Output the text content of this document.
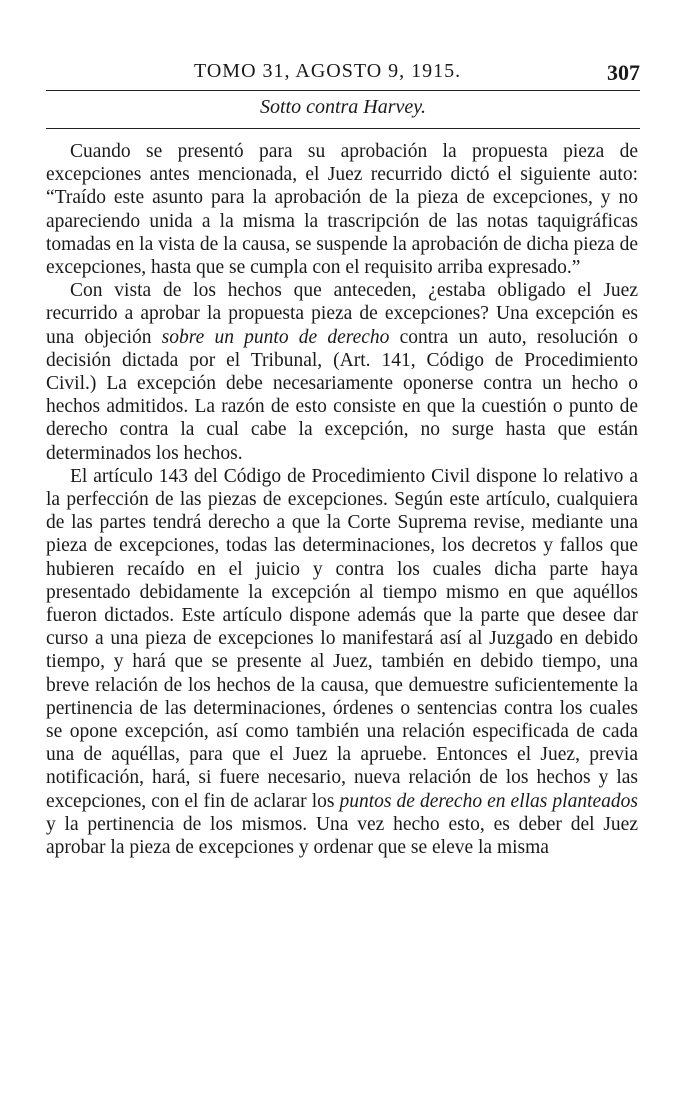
TOMO 31, AGOSTO 9, 1915.	307
Sotto contra Harvey.

Cuando se presentó para su aprobación la propuesta pieza de excepciones antes mencionada, el Juez recurrido dictó el siguiente auto: “Traído este asunto para la aprobación de la pieza de excepciones, y no apareciendo unida a la misma la trascripción de las notas taquigráficas tomadas en la vista de la causa, se suspende la aprobación de dicha pieza de excepciones, hasta que se cumpla con el requisito arriba expresado.”

Con vista de los hechos que anteceden, ¿estaba obligado el Juez recurrido a aprobar la propuesta pieza de excepciones? Una excepción es una objeción sobre un punto de derecho contra un auto, resolución o decisión dictada por el Tribunal, (Art. 141, Código de Procedimiento Civil.) La excepción debe necesariamente oponerse contra un hecho o hechos admitidos. La razón de esto consiste en que la cuestión o punto de derecho contra la cual cabe la excepción, no surge hasta que están determinados los hechos.

El artículo 143 del Código de Procedimiento Civil dispone lo relativo a la perfección de las piezas de excepciones. Según este artículo, cualquiera de las partes tendrá derecho a que la Corte Suprema revise, mediante una pieza de excepciones, todas las determinaciones, los decretos y fallos que hubieren recaído en el juicio y contra los cuales dicha parte haya presentado debidamente la excepción al tiempo mismo en que aquéllos fueron dictados. Este artículo dispone además que la parte que desee dar curso a una pieza de excepciones lo manifestará así al Juzgado en debido tiempo, y hará que se presente al Juez, también en debido tiempo, una breve relación de los hechos de la causa, que demuestre suficientemente la pertinencia de las determinaciones, órdenes o sentencias contra los cuales se opone excepción, así como también una relación especificada de cada una de aquéllas, para que el Juez la apruebe. Entonces el Juez, previa notificación, hará, si fuere necesario, nueva relación de los hechos y las excepciones, con el fin de aclarar los puntos de derecho en ellas planteados y la pertinencia de los mismos. Una vez hecho esto, es deber del Juez aprobar la pieza de excepciones y ordenar que se eleve la misma
